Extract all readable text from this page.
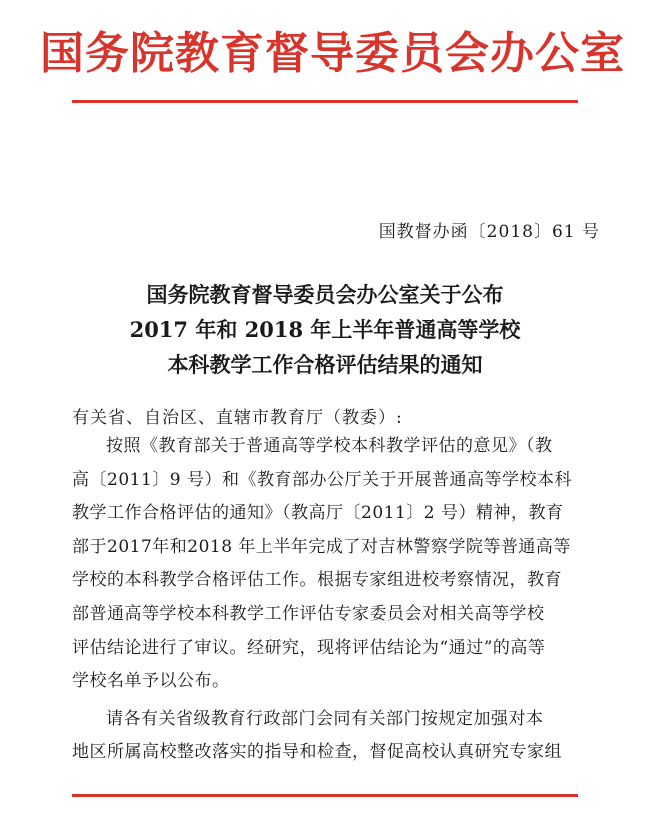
国务院教育督导委员会办公室
国教督办函〔2018〕61 号
国务院教育督导委员会办公室关于公布
2017 年和 2018 年上半年普通高等学校
本科教学工作合格评估结果的通知
有关省、自治区、直辖市教育厅（教委）:
按照《教育部关于普通高等学校本科教学评估的意见》（教
高〔2011〕9 号）和《教育部办公厅关于开展普通高等学校本科
教学工作合格评估的通知》（教高厅〔2011〕2 号）精神，教育
部于2017年和2018 年上半年完成了对吉林警察学院等普通高等
学校的本科教学合格评估工作。根据专家组进校考察情况，教育
部普通高等学校本科教学工作评估专家委员会对相关高等学校
评估结论进行了审议。经研究，现将评估结论为“通过”的高等
学校名单予以公布。
请各有关省级教育行政部门会同有关部门按规定加强对本
地区所属高校整改落实的指导和检查，督促高校认真研究专家组
